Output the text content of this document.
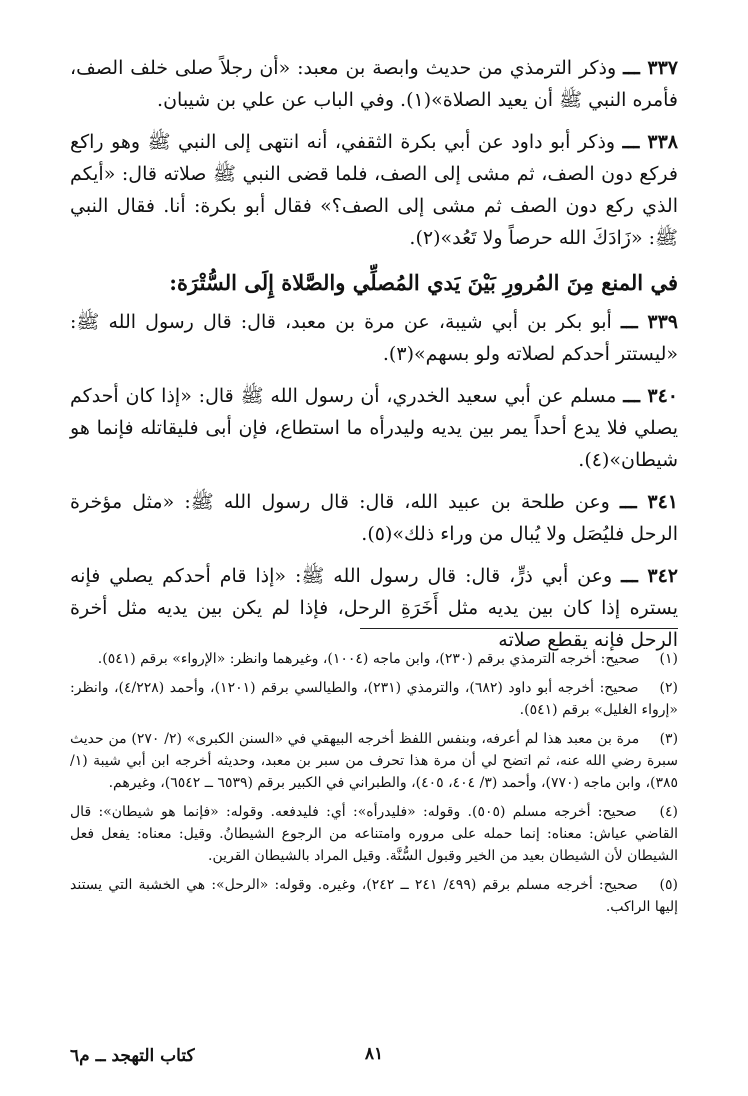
٣٣٧ ـــ وذكر الترمذي من حديث وابصة بن معبد: «أن رجلاً صلى خلف الصف، فأمره النبي ﷺ أن يعيد الصلاة»(١). وفي الباب عن علي بن شيبان.

٣٣٨ ـــ وذكر أبو داود عن أبي بكرة الثقفي، أنه انتهى إلى النبي ﷺ وهو راكع فركع دون الصف، ثم مشى إلى الصف، فلما قضى النبي ﷺ صلاته قال: «أيكم الذي ركع دون الصف ثم مشى إلى الصف؟» فقال أبو بكرة: أنا. فقال النبي ﷺ: «زَادَكَ الله حرصاً ولا تَعُد»(٢).

في المنع مِنَ المُرورِ بَيْنَ يَدي المُصلِّي والصَّلاة إِلَى السُّتْرَة:

٣٣٩ ـــ أبو بكر بن أبي شيبة، عن مرة بن معبد، قال: قال رسول الله ﷺ: «ليستتر أحدكم لصلاته ولو بسهم»(٣).

٣٤٠ ـــ مسلم عن أبي سعيد الخدري، أن رسول الله ﷺ قال: «إذا كان أحدكم يصلي فلا يدع أحداً يمر بين يديه وليدرأه ما استطاع، فإن أبى فليقاتله فإنما هو شيطان»(٤).

٣٤١ ـــ وعن طلحة بن عبيد الله، قال: قال رسول الله ﷺ: «مثل مؤخرة الرحل فليُصَل ولا يُبال من وراء ذلك»(٥).

٣٤٢ ـــ وعن أبي ذرٍّ، قال: قال رسول الله ﷺ: «إذا قام أحدكم يصلي فإنه يستره إذا كان بين يديه مثل أَخَرَةِ الرحل، فإذا لم يكن بين يديه مثل أخرة الرحل فإنه يقطع صلاته

(١) صحيح: أخرجه الترمذي برقم (٢٣٠)، وابن ماجه (١٠٠٤)، وغيرهما وانظر: «الإرواء» برقم (٥٤١).

(٢) صحيح: أخرجه أبو داود (٦٨٢)، والترمذي (٢٣١)، والطيالسي برقم (١٢٠١)، وأحمد (٤/٢٢٨)، وانظر: «إرواء الغليل» برقم (٥٤١).

(٣) مرة بن معبد هذا لم أعرفه، وبنفس اللفظ أخرجه البيهقي في «السنن الكبرى» (٢/ ٢٧٠) من حديث سبرة رضي الله عنه، ثم اتضح لي أن مرة هذا تحرف من سبر بن معبد، وحديثه أخرجه ابن أبي شيبة (١/ ٣٨٥)، وابن ماجه (٧٧٠)، وأحمد (٣/ ٤٠٤، ٤٠٥)، والطبراني في الكبير برقم (٦٥٣٩ ــ ٦٥٤٢)، وغيرهم.

(٤) صحيح: أخرجه مسلم (٥٠٥). وقوله: «فليدرأه»: أي: فليدفعه. وقوله: «فإنما هو شيطان»: قال القاضي عياش: معناه: إنما حمله على مروره وامتناعه من الرجوع الشيطانُ. وقيل: معناه: يفعل فعل الشيطان لأن الشيطان بعيد من الخير وقبول السُّنَّة. وقيل المراد بالشيطان القرين.

(٥) صحيح: أخرجه مسلم برقم (٤٩٩/ ٢٤١ ــ ٢٤٢)، وغيره. وقوله: «الرحل»: هي الخشبة التي يستند إليها الراكب.

٨١
كتاب التهجد ــ م٦
